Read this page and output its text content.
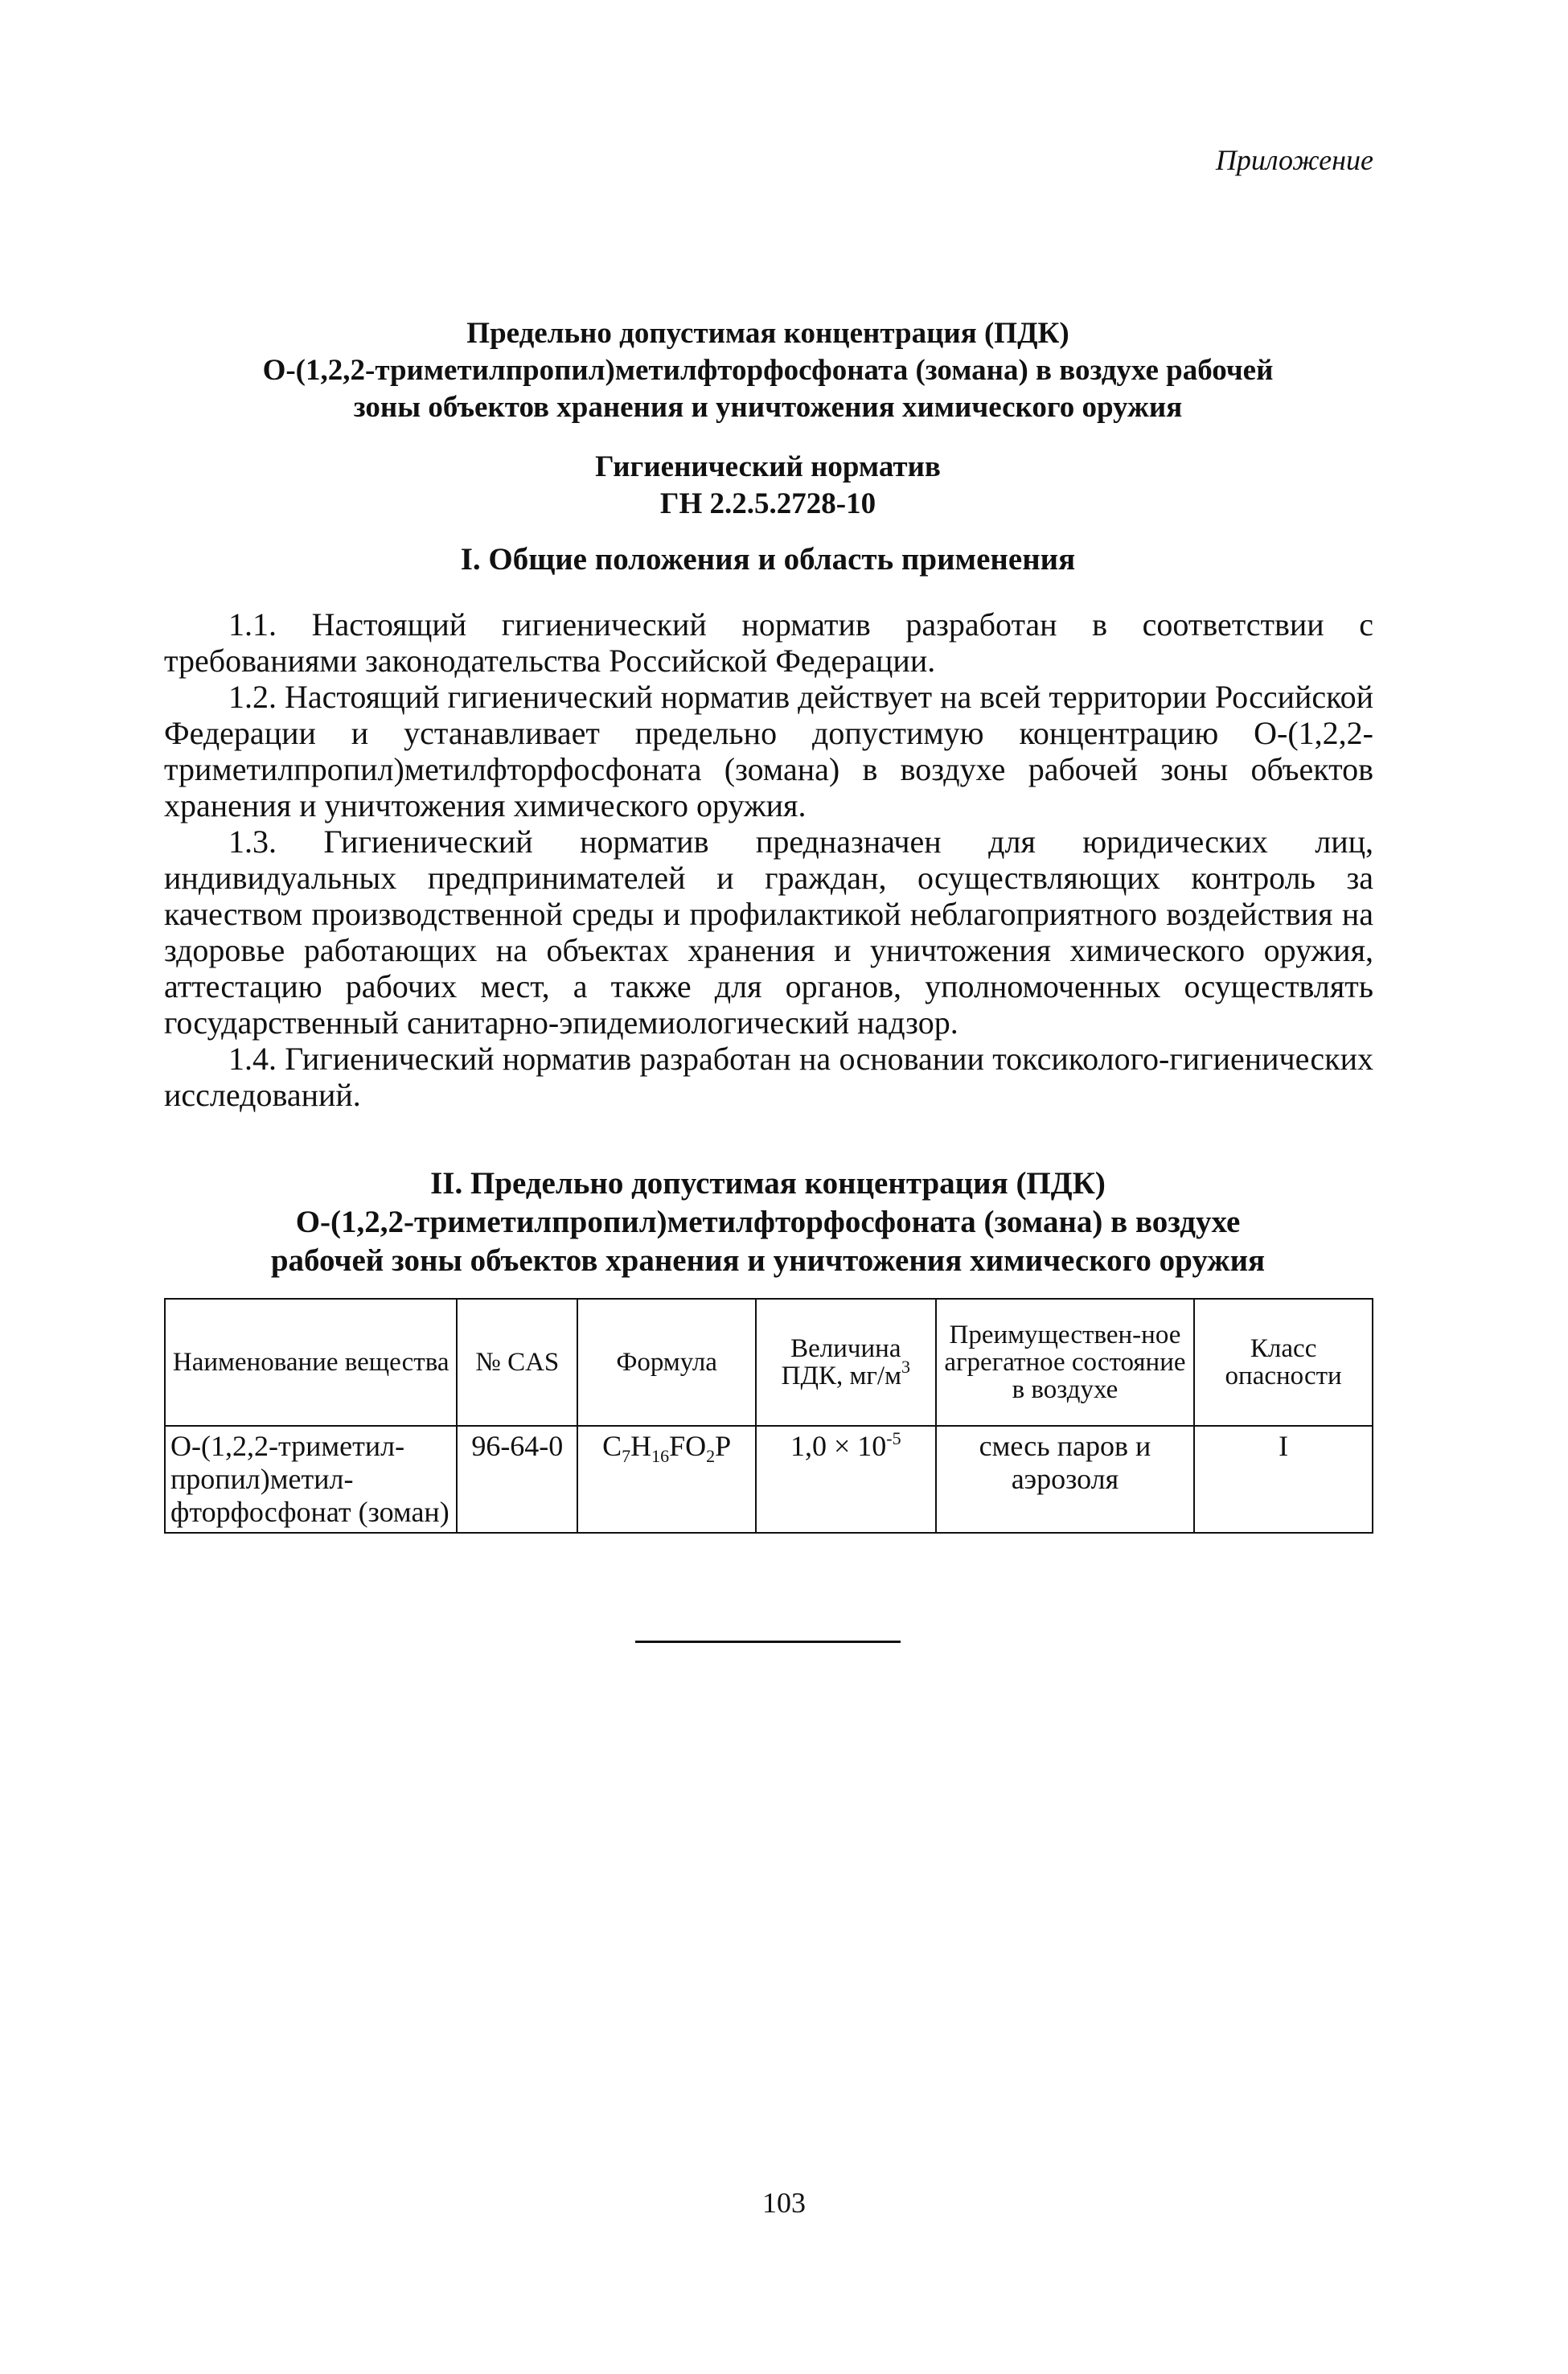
Приложение

Предельно допустимая концентрация (ПДК)
О-(1,2,2-триметилпропил)метилфторфосфоната (зомана) в воздухе рабочей
зоны объектов хранения и уничтожения химического оружия
Гигиенический норматив
ГН 2.2.5.2728-10
I. Общие положения и область применения

1.1. Настоящий гигиенический норматив разработан в соответствии с требованиями законодательства Российской Федерации.

1.2. Настоящий гигиенический норматив действует на всей территории Российской Федерации и устанавливает предельно допустимую концентрацию О-(1,2,2-триметилпропил)метилфторфосфоната (зомана) в воздухе рабочей зоны объектов хранения и уничтожения химического оружия.

1.3. Гигиенический норматив предназначен для юридических лиц, индивидуальных предпринимателей и граждан, осуществляющих контроль за качеством производственной среды и профилактикой неблагоприятного воздействия на здоровье работающих на объектах хранения и уничтожения химического оружия, аттестацию рабочих мест, а также для органов, уполномоченных осуществлять государственный санитарно-эпидемиологический надзор.

1.4. Гигиенический норматив разработан на основании токсиколого-гигиенических исследований.

II. Предельно допустимая концентрация (ПДК)
О-(1,2,2-триметилпропил)метилфторфосфоната (зомана) в воздухе
рабочей зоны объектов хранения и уничтожения химического оружия
Наименование вещества	№ CAS	Формула	Величина ПДК, $мг/м^3$	Преимуществен-ное агрегатное состояние в воздухе	Класс опасности
О-(1,2,2-триметил-пропил)метил-фторфосфонат (зоман)	96-64-0	$C_7H_{16}FO_2P$	$1,0 \times 10^{-5}$	смесь паров и аэрозоля	I

103
